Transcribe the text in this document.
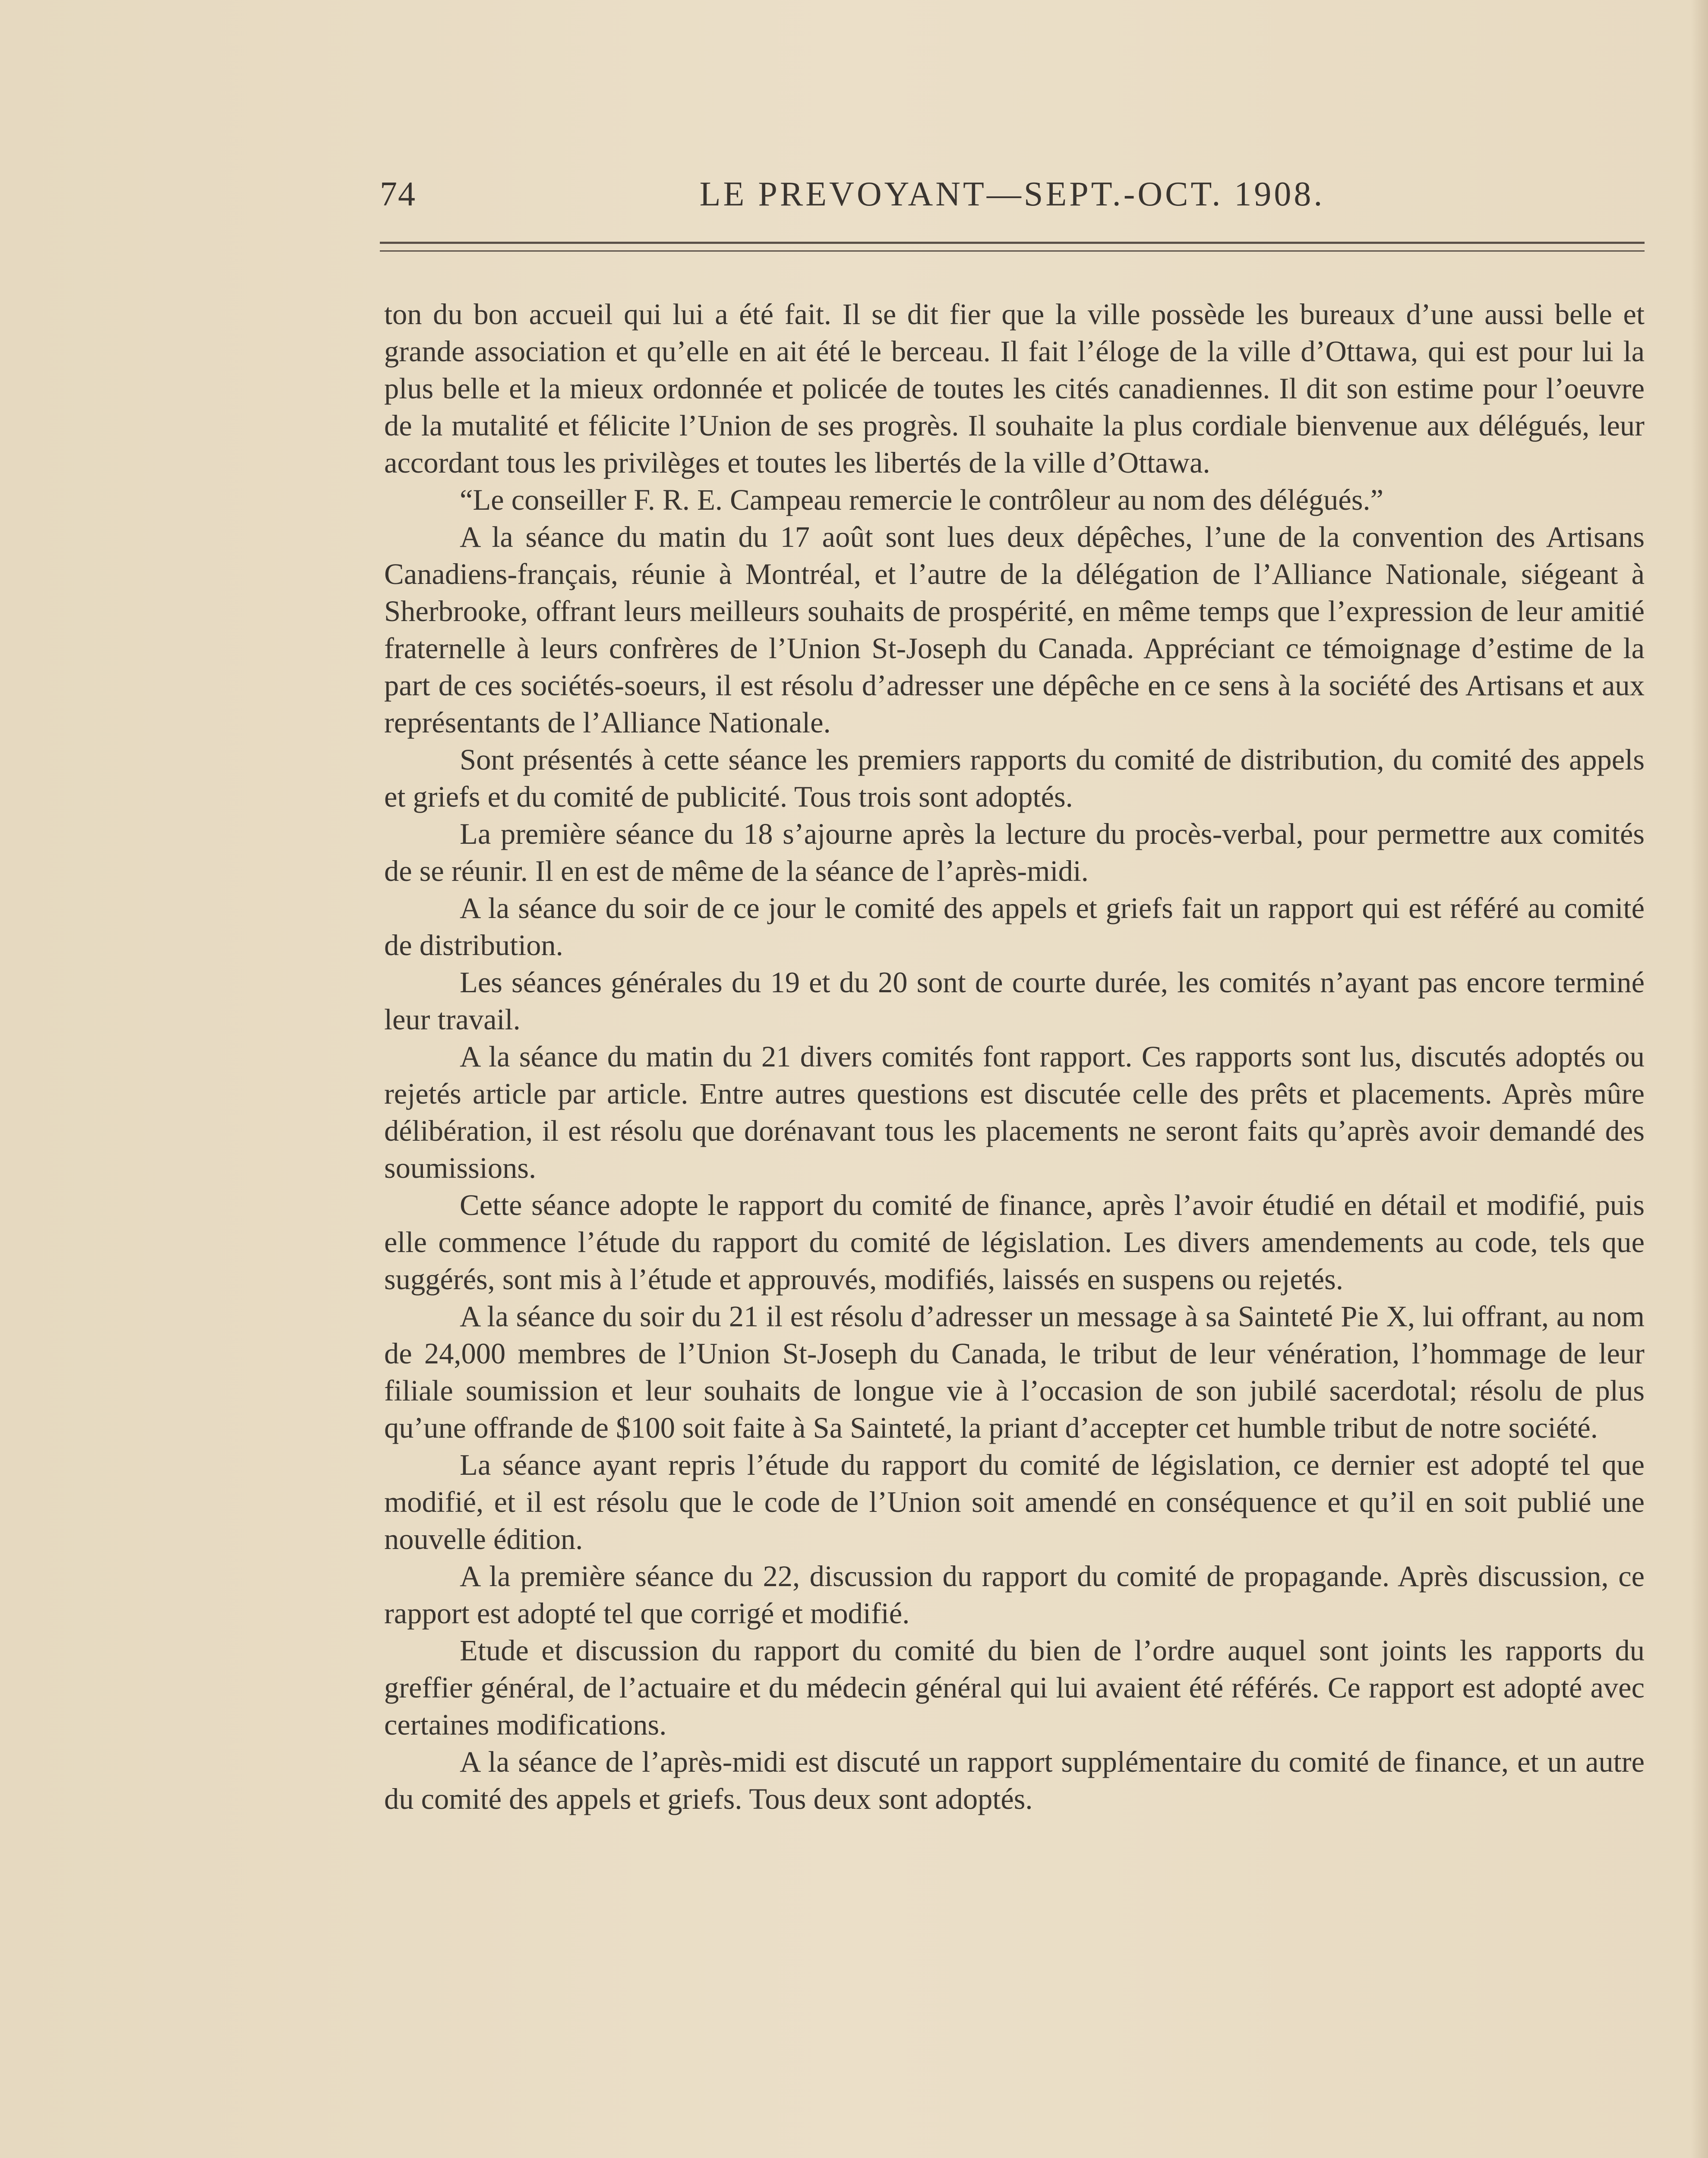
74	LE PREVOYANT—SEPT.-OCT. 1908.

ton du bon accueil qui lui a été fait. Il se dit fier que la ville possède les bureaux d’une aussi belle et grande association et qu’elle en ait été le berceau. Il fait l’éloge de la ville d’Ottawa, qui est pour lui la plus belle et la mieux ordonnée et policée de toutes les cités canadiennes. Il dit son estime pour l’oeuvre de la mutalité et félicite l’Union de ses progrès. Il souhaite la plus cordiale bienvenue aux délégués, leur accordant tous les privilèges et toutes les libertés de la ville d’Ottawa.

“Le conseiller F. R. E. Campeau remercie le contrôleur au nom des délégués.”

A la séance du matin du 17 août sont lues deux dépêches, l’une de la convention des Artisans Canadiens-français, réunie à Montréal, et l’autre de la délégation de l’Alliance Nationale, siégeant à Sherbrooke, offrant leurs meilleurs souhaits de prospérité, en même temps que l’expression de leur amitié fraternelle à leurs confrères de l’Union St-Joseph du Canada. Appréciant ce témoignage d’estime de la part de ces sociétés-soeurs, il est résolu d’adresser une dépêche en ce sens à la société des Artisans et aux représentants de l’Alliance Nationale.

Sont présentés à cette séance les premiers rapports du comité de distribution, du comité des appels et griefs et du comité de publicité. Tous trois sont adoptés.

La première séance du 18 s’ajourne après la lecture du procès-verbal, pour permettre aux comités de se réunir. Il en est de même de la séance de l’après-midi.

A la séance du soir de ce jour le comité des appels et griefs fait un rapport qui est référé au comité de distribution.

Les séances générales du 19 et du 20 sont de courte durée, les comités n’ayant pas encore terminé leur travail.

A la séance du matin du 21 divers comités font rapport. Ces rapports sont lus, discutés adoptés ou rejetés article par article. Entre autres questions est discutée celle des prêts et placements. Après mûre délibération, il est résolu que dorénavant tous les placements ne seront faits qu’après avoir demandé des soumissions.

Cette séance adopte le rapport du comité de finance, après l’avoir étudié en détail et modifié, puis elle commence l’étude du rapport du comité de législation. Les divers amendements au code, tels que suggérés, sont mis à l’étude et approuvés, modifiés, laissés en suspens ou rejetés.

A la séance du soir du 21 il est résolu d’adresser un message à sa Sainteté Pie X, lui offrant, au nom de 24,000 membres de l’Union St-Joseph du Canada, le tribut de leur vénération, l’hommage de leur filiale soumission et leur souhaits de longue vie à l’occasion de son jubilé sacerdotal; résolu de plus qu’une offrande de $100 soit faite à Sa Sainteté, la priant d’accepter cet humble tribut de notre société.

La séance ayant repris l’étude du rapport du comité de législation, ce dernier est adopté tel que modifié, et il est résolu que le code de l’Union soit amendé en conséquence et qu’il en soit publié une nouvelle édition.

A la première séance du 22, discussion du rapport du comité de propagande. Après discussion, ce rapport est adopté tel que corrigé et modifié.

Etude et discussion du rapport du comité du bien de l’ordre auquel sont joints les rapports du greffier général, de l’actuaire et du médecin général qui lui avaient été référés. Ce rapport est adopté avec certaines modifications.

A la séance de l’après-midi est discuté un rapport supplémentaire du comité de finance, et un autre du comité des appels et griefs. Tous deux sont adoptés.
